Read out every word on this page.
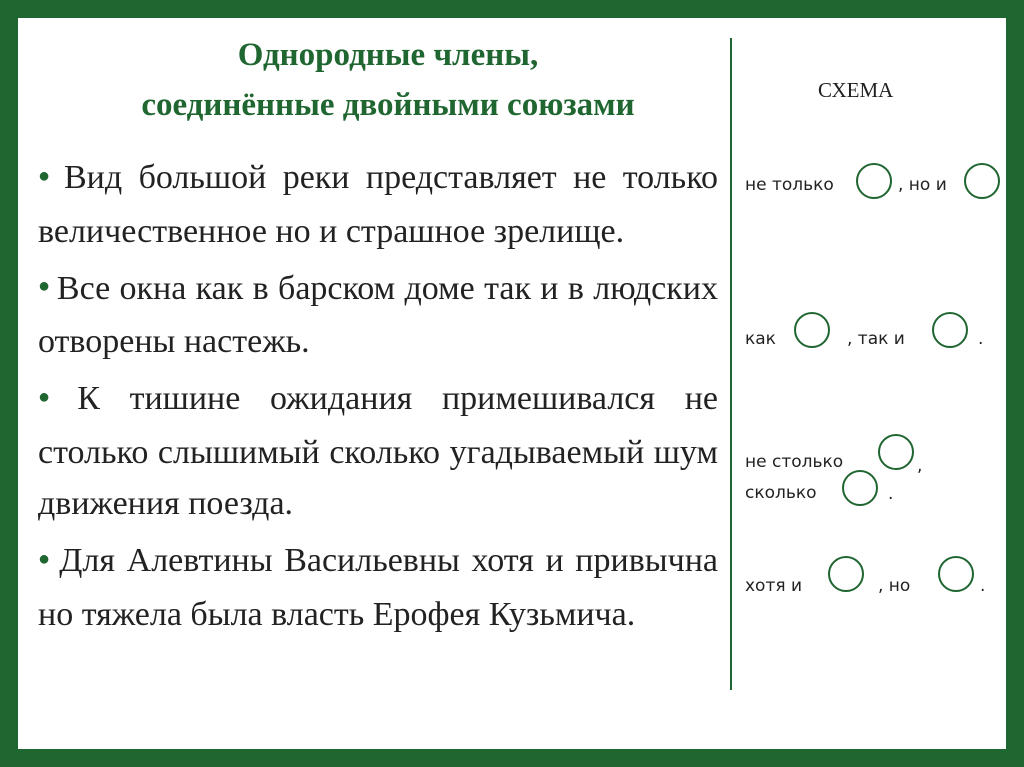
Однородные члены,
соединённые двойными союзами	СХЕМА
● Вид большой реки представляет не только величественное но и страшное зрелище.
● Все окна как в барском доме так и в людских отворены настежь.
● К тишине ожидания примешивался не столько слышимый сколько угадываемый шум движения поезда.
● Для Алевтины Васильевны хотя и привычна но тяжела была власть Ерофея Кузьмича.
не только	, но и
как	, так и	.
не столько	,
сколько	.
хотя и	, но	.
